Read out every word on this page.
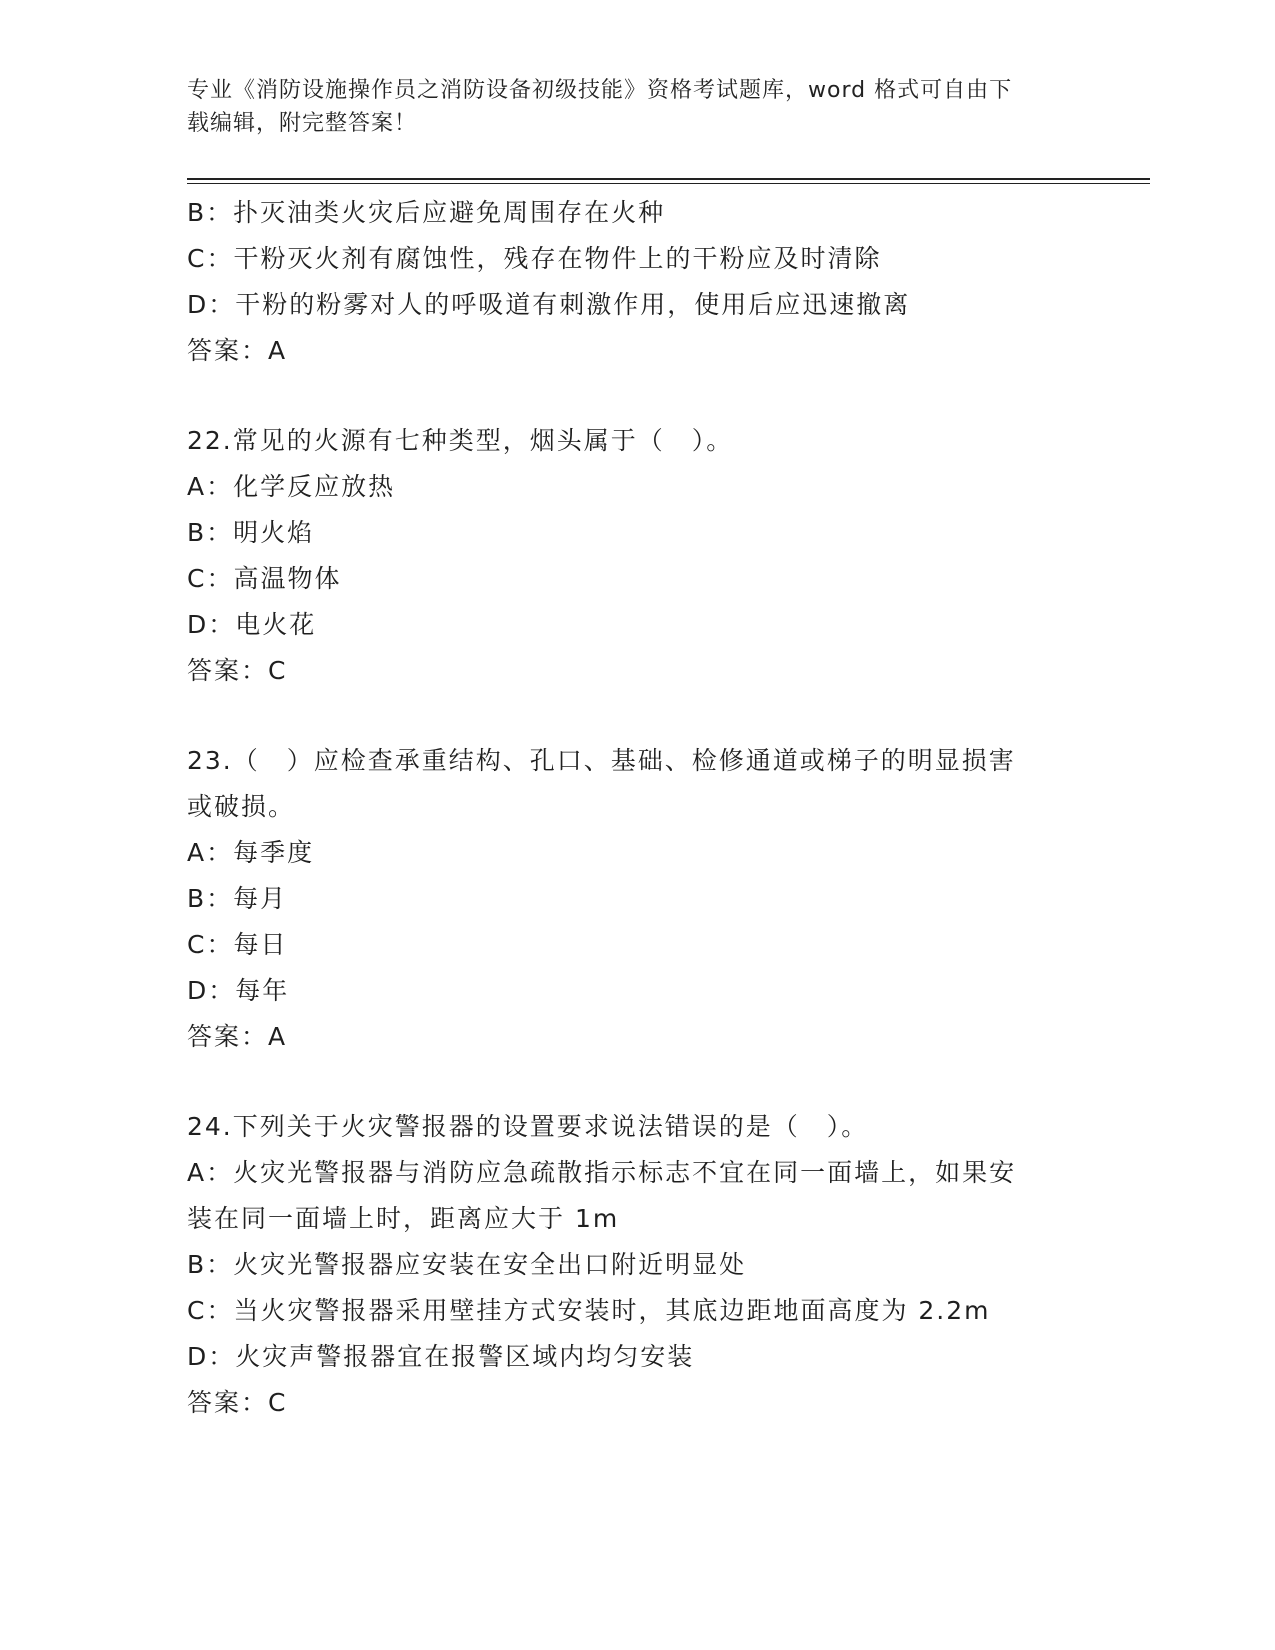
专业《消防设施操作员之消防设备初级技能》资格考试题库，word 格式可自由下
载编辑，附完整答案！
B：扑灭油类火灾后应避免周围存在火种
C：干粉灭火剂有腐蚀性，残存在物件上的干粉应及时清除
D：干粉的粉雾对人的呼吸道有刺激作用，使用后应迅速撤离
答案：A
22.常见的火源有七种类型，烟头属于（　）。
A：化学反应放热
B：明火焰
C：高温物体
D：电火花
答案：C
23.（　）应检查承重结构、孔口、基础、检修通道或梯子的明显损害
或破损。
A：每季度
B：每月
C：每日
D：每年
答案：A
24.下列关于火灾警报器的设置要求说法错误的是（　）。
A：火灾光警报器与消防应急疏散指示标志不宜在同一面墙上，如果安
装在同一面墙上时，距离应大于 1m
B：火灾光警报器应安装在安全出口附近明显处
C：当火灾警报器采用壁挂方式安装时，其底边距地面高度为 2.2m
D：火灾声警报器宜在报警区域内均匀安装
答案：C
